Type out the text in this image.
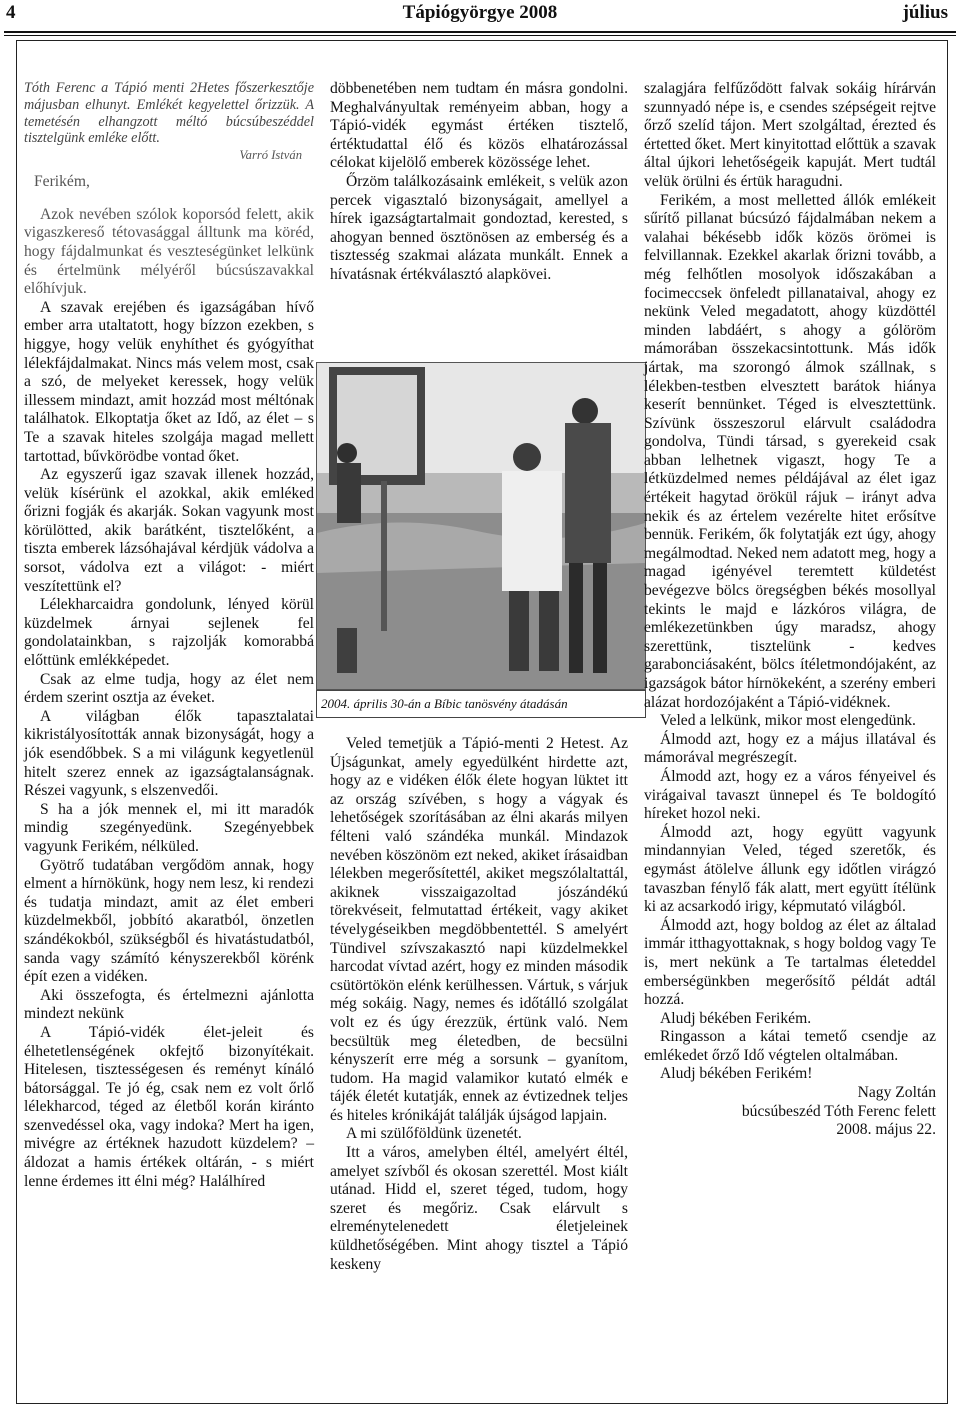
4	Tápiógyörgye 2008	július

Tóth Ferenc a Tápió menti 2Hetes főszerkesztője májusban elhunyt. Emlékét kegyelettel őrizzük. A temetésén elhangzott méltó búcsúbeszéddel tisztelgünk emléke előtt.

Varró István

Ferikém,

Azok nevében szólok koporsód felett, akik vigaszkereső tétovasággal álltunk ma köréd, hogy fájdalmunkat és veszteségünket lelkünk és értelmünk mélyéről búcsúszavakkal előhívjuk.

A szavak erejében és igazságában hívő ember arra utaltatott, hogy bízzon ezekben, s higgye, hogy velük enyhíthet és gyógyíthat lélekfájdalmakat. Nincs más velem most, csak a szó, de melyeket keressek, hogy velük illessem mindazt, amit hozzád most méltónak találhatok. Elkoptatja őket az Idő, az élet – s Te a szavak hiteles szolgája magad mellett tartottad, bűvkörödbe vontad őket.

Az egyszerű igaz szavak illenek hozzád, velük kísérünk el azokkal, akik emléked őrizni fogják és akarják. Sokan vagyunk most körülötted, akik barátként, tisztelőként, a tiszta emberek lázsóhajával kérdjük vádolva a sorsot, vádolva ezt a világot: - miért veszítettünk el?

Lélekharcaidra gondolunk, lényed körül küzdelmek árnyai sejlenek fel gondolatainkban, s rajzolják komorabbá előttünk emlékképedet.

Csak az elme tudja, hogy az élet nem érdem szerint osztja az éveket.

A világban élők tapasztalatai kikristályosították annak bizonyságát, hogy a jók esendőbbek. S a mi világunk kegyetlenül hitelt szerez ennek az igazságtalanságnak. Részei vagyunk, s elszenvedői.

S ha a jók mennek el, mi itt maradók mindig szegényedünk. Szegényebbek vagyunk Ferikém, nélküled.

Gyötrő tudatában vergődöm annak, hogy elment a hírnökünk, hogy nem lesz, ki rendezi és tudatja mindazt, amit az élet emberi küzdelmekből, jobbító akaratból, önzetlen szándékokból, szükségből és hivatástudatból, sanda vagy számító kényszerekből körénk épít ezen a vidéken.

Aki összefogta, és értelmezni ajánlotta mindezt nekünk

A Tápió-vidék élet-jeleit és élhetetlenségének okfejtő bizonyítékait. Hitelesen, tisztességesen és reményt kínáló bátorsággal. Te jó ég, csak nem ez volt őrlő lélekharcod, téged az életből korán kiránto szenvedéssel oka, vagy indoka? Mert ha igen, mivégre az értéknek hazudott küzdelem? – áldozat a hamis értékek oltárán, - s miért lenne érdemes itt élni még? Halálhíred

döbbenetében nem tudtam én másra gondolni. Meghalványultak reményeim abban, hogy a Tápió-vidék egymást értéken tisztelő, értéktudattal élő és közös elhatározással célokat kijelölő emberek közössége lehet.

Őrzöm találkozásaink emlékeit, s velük azon percek vigasztaló bizonyságait, amellyel a hírek igazságtartalmait gondoztad, kerested, s ahogyan benned ösztönösen az emberség és a tisztesség szakmai alázata munkált. Ennek a hívatásnak értékválasztó alapkövei.

2004. április 30-án a Bíbic tanösvény átadásán

Veled temetjük a Tápió-menti 2 Hetest. Az Újságunkat, amely egyedülként hirdette azt, hogy az e vidéken élők élete hogyan lüktet itt az ország szívében, s hogy a vágyak és lehetőségek szorításában az élni akarás milyen félteni való szándéka munkál. Mindazok nevében köszönöm ezt neked, akiket írásaidban lélekben megerősítettél, akiket megszólaltattál, akiknek visszaigazoltad jószándékú törekvéseit, felmutattad értékeit, vagy akiket tévelygéseikben megdöbbentettél. S amelyért Tündivel szívszakasztó napi küzdelmekkel harcodat vívtad azért, hogy ez minden második csütörtökön elénk kerülhessen. Vártuk, s várjuk még sokáig. Nagy, nemes és időtálló szolgálat volt ez és úgy érezzük, értünk való. Nem becsültük meg életedben, de becsülni kényszerít erre még a sorsunk – gyanítom, tudom. Ha magid valamikor kutató elmék e tájék életét kutatják, ennek az évtizednek teljes és hiteles krónikáját találják újságod lapjain.

A mi szülőföldünk üzenetét.

Itt a város, amelyben éltél, amelyért éltél, amelyet szívből és okosan szerettél. Most kiált utánad. Hidd el, szeret téged, tudom, hogy szeret és megőriz. Csak elárvult s elreménytelenedett életjeleinek küldhetőségében. Mint ahogy tisztel a Tápió keskeny

szalagjára felfűződött falvak sokáig hírárván szunnyadó népe is, e csendes szépségeit rejtve őrző szelíd tájon. Mert szolgáltad, érezted és értetted őket. Mert kinyitottad előttük a szavak által újkori lehetőségeik kapuját. Mert tudtál velük örülni és értük haragudni.

Ferikém, a most melletted állók emlékeit sűrítő pillanat búcsúzó fájdalmában nekem a valahai békésebb idők közös örömei is felvillannak. Ezekkel akarlak őrizni tovább, a még felhőtlen mosolyok időszakában a focimeccsek önfeledt pillanataival, ahogy ez nekünk Veled megadatott, ahogy küzdöttél minden labdáért, s ahogy a gólöröm mámorában összekacsintottunk. Más idők jártak, ma szorongó álmok szállnak, s lélekben-testben elvesztett barátok hiánya keserít bennünket. Téged is elvesztettünk. Szívünk összeszorul elárvult családodra gondolva, Tündi társad, s gyerekeid csak abban lelhetnek vigaszt, hogy Te a létküzdelmed nemes példájával az élet igaz értékeit hagytad örökül rájuk – irányt adva nekik és az értelem vezérelte hitet erősítve bennük. Ferikém, ők folytatják ezt úgy, ahogy megálmodtad. Neked nem adatott meg, hogy a magad igényével teremtett küldetést bevégezve bölcs öregségben békés mosollyal tekints le majd e lázkóros világra, de emlékezetünkben úgy maradsz, ahogy szerettünk, tisztelünk - kedves garabonciásaként, bölcs ítéletmondójaként, az igazságok bátor hírnökeként, a szerény emberi alázat hordozójaként a Tápió-vidéknek.

Veled a lelkünk, mikor most elengedünk.

Álmodd azt, hogy ez a május illatával és mámorával megrészegít.

Álmodd azt, hogy ez a város fényeivel és virágaival tavaszt ünnepel és Te boldogító híreket hozol neki.

Álmodd azt, hogy együtt vagyunk mindannyian Veled, téged szeretők, és egymást átölelve állunk egy időtlen virágzó tavaszban fénylő fák alatt, mert együtt ítélünk ki az acsarkodó irigy, képmutató világból.

Álmodd azt, hogy boldog az élet az általad immár itthagyottaknak, s hogy boldog vagy Te is, mert nekünk a Te tartalmas életeddel emberségünkben megerősítő példát adtál hozzá.

Aludj békében Ferikém.

Ringasson a kátai temető csendje az emlékedet őrző Idő végtelen oltalmában.

Aludj békében Ferikém!

Nagy Zoltán

búcsúbeszéd Tóth Ferenc felett

2008. május 22.
